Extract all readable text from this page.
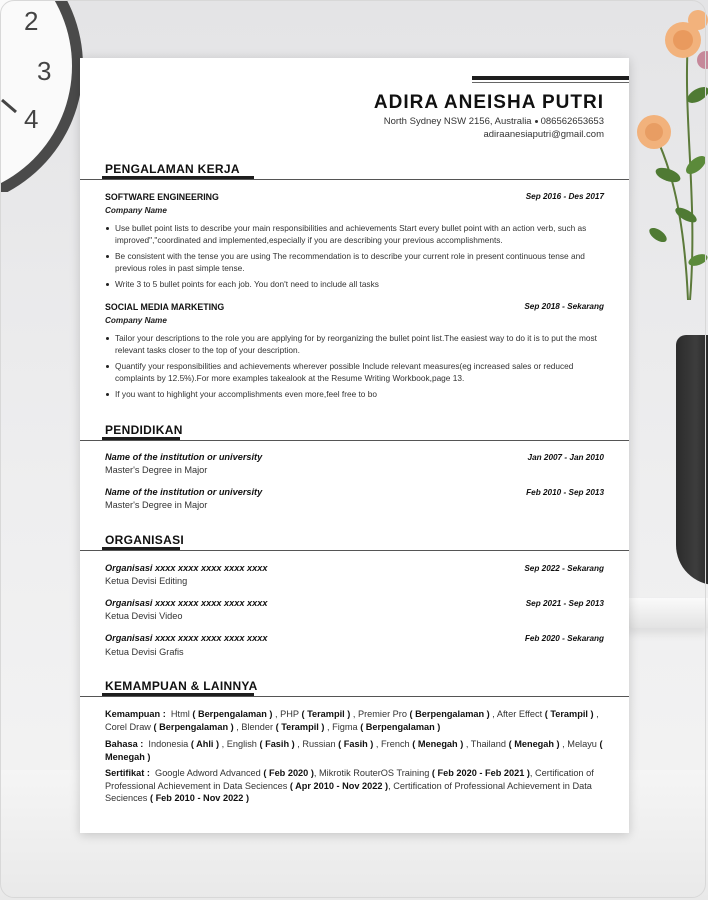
2
3
4
ADIRA ANEISHA PUTRI
North Sydney NSW 2156, Australia 086562653653
adiraanesiaputri@gmail.com
PENGALAMAN KERJA
SOFTWARE ENGINEERING	Sep 2016 - Des 2017
Company Name
Use bullet point lists to describe your main responsibilities and achievements Start every bullet point with an action verb, such as improved","coordinated and implemented,especially if you are describing your previous accomplishments.
Be consistent with the tense you are using The recommendation is to describe your current role in present continuous tense and previous roles in past simple tense.
Write 3 to 5 bullet points for each job. You don't need to include all tasks
SOCIAL MEDIA MARKETING	Sep 2018 - Sekarang
Company Name
Tailor your descriptions to the role you are applying for by reorganizing the bullet point list.The easiest way to do it is to put the most relevant tasks closer to the top of your description.
Quantify your responsibilities and achievements wherever possible Include relevant measures(eg increased sales or reduced complaints by 12.5%).For more examples takealook at the Resume Writing Workbook,page 13.
If you want to highlight your accomplishments even more,feel free to bo
PENDIDIKAN
Name of the institution or university	Jan 2007 - Jan 2010
Master's Degree in Major
Name of the institution or university	Feb 2010 - Sep 2013
Master's Degree in Major
ORGANISASI
Organisasi xxxx xxxx xxxx xxxx xxxx	Sep 2022 - Sekarang
Ketua Devisi Editing
Organisasi xxxx xxxx xxxx xxxx xxxx	Sep 2021 - Sep 2013
Ketua Devisi Video
Organisasi xxxx xxxx xxxx xxxx xxxx	Feb 2020 - Sekarang
Ketua Devisi Grafis
KEMAMPUAN & LAINNYA
Kemampuan : Html ( Berpengalaman ) , PHP ( Terampil ) , Premier Pro ( Berpengalaman ) , After Effect ( Terampil ) , Corel Draw ( Berpengalaman ) , Blender ( Terampil ) , Figma ( Berpengalaman )
Bahasa : Indonesia ( Ahli ) , English ( Fasih ) , Russian ( Fasih ) , French ( Menegah ) , Thailand ( Menegah ) , Melayu ( Menegah )
Sertifikat : Google Adword Advanced ( Feb 2020 ), Mikrotik RouterOS Training ( Feb 2020 - Feb 2021 ), Certification of Professional Achievement in Data Seciences ( Apr 2010 - Nov 2022 ), Certification of Professional Achievement in Data Seciences ( Feb 2010 - Nov 2022 )
